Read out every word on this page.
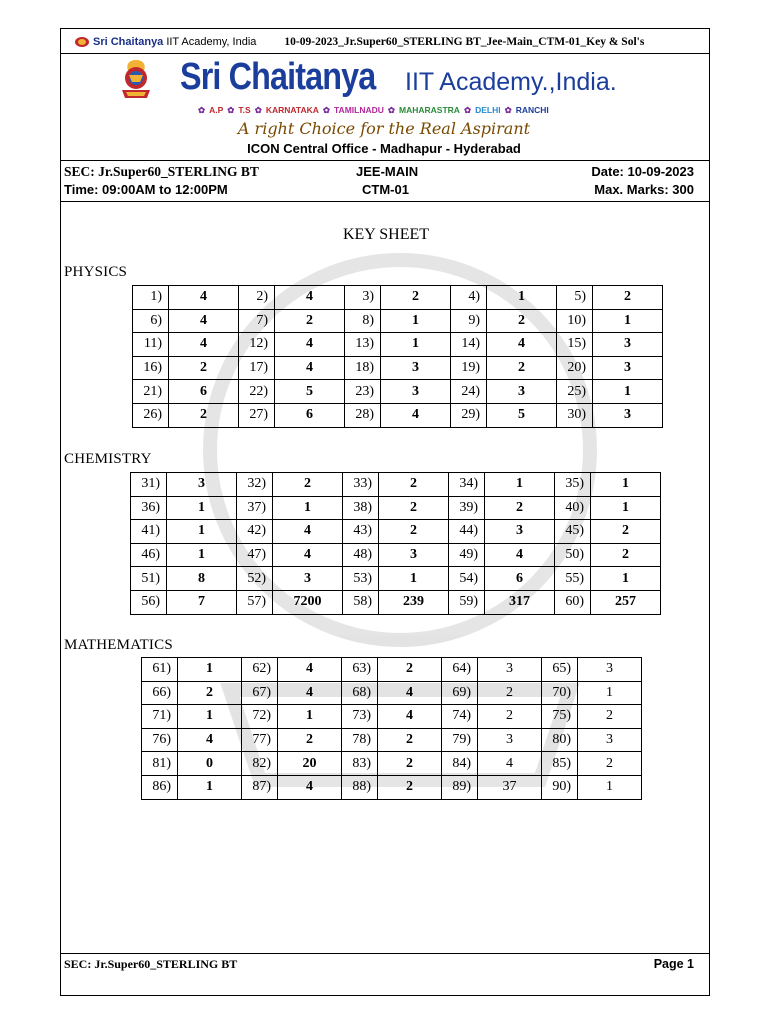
Sri Chaitanya IIT Academy, India 10-09-2023_Jr.Super60_STERLING BT_Jee-Main_CTM-01_Key & Sol's
Sri Chaitanya IIT Academy.,India.
✿ A.P ✿ T.S ✿ KARNATAKA ✿ TAMILNADU ✿ MAHARASTRA ✿ DELHI ✿ RANCHI
A right Choice for the Real Aspirant
ICON Central Office - Madhapur - Hyderabad
SEC: Jr.Super60_STERLING BT
Time: 09:00AM to 12:00PM
JEE-MAIN
CTM-01
Date: 10-09-2023
Max. Marks: 300
KEY SHEET
PHYSICS
1)	4	2)	4	3)	2	4)	1	5)	2
6)	4	7)	2	8)	1	9)	2	10)	1
11)	4	12)	4	13)	1	14)	4	15)	3
16)	2	17)	4	18)	3	19)	2	20)	3
21)	6	22)	5	23)	3	24)	3	25)	1
26)	2	27)	6	28)	4	29)	5	30)	3
CHEMISTRY
31)	3	32)	2	33)	2	34)	1	35)	1
36)	1	37)	1	38)	2	39)	2	40)	1
41)	1	42)	4	43)	2	44)	3	45)	2
46)	1	47)	4	48)	3	49)	4	50)	2
51)	8	52)	3	53)	1	54)	6	55)	1
56)	7	57)	7200	58)	239	59)	317	60)	257
MATHEMATICS
61)	1	62)	4	63)	2	64)	3	65)	3
66)	2	67)	4	68)	4	69)	2	70)	1
71)	1	72)	1	73)	4	74)	2	75)	2
76)	4	77)	2	78)	2	79)	3	80)	3
81)	0	82)	20	83)	2	84)	4	85)	2
86)	1	87)	4	88)	2	89)	37	90)	1
SEC: Jr.Super60_STERLING BT	Page 1
